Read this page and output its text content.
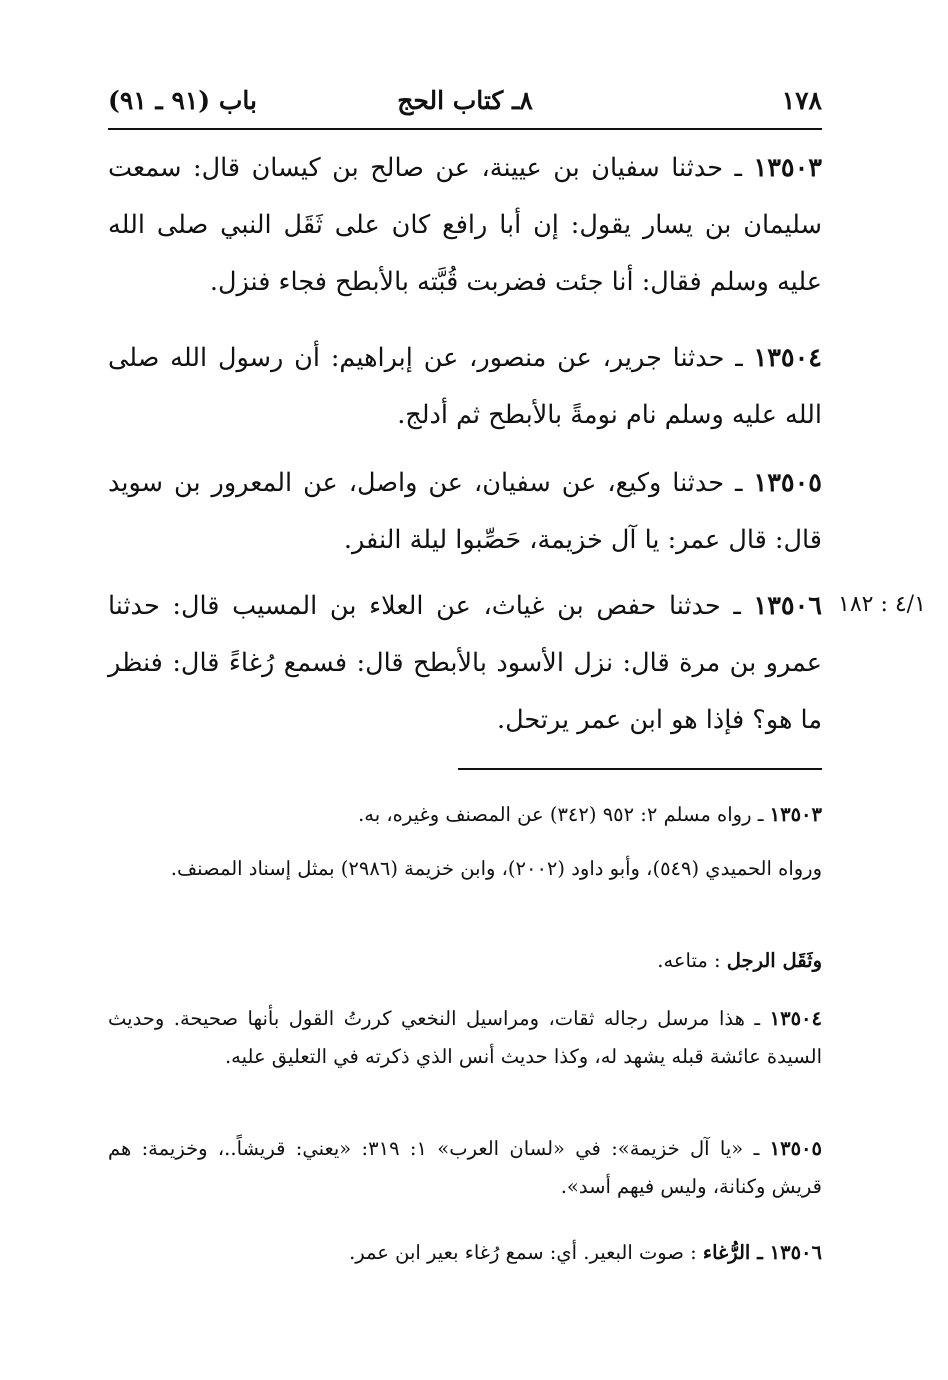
١٧٨
٨ـ كتاب الحج
باب (٩١ ـ ٩١)

١٣٥٠٣ ـ حدثنا سفيان بن عيينة، عن صالح بن كيسان قال: سمعت سليمان بن يسار يقول: إن أبا رافع كان على ثَقَل النبي صلى الله عليه وسلم فقال: أنا جئت فضربت قُبَّته بالأبطح فجاء فنزل.

١٣٥٠٤ ـ حدثنا جرير، عن منصور، عن إبراهيم: أن رسول الله صلى الله عليه وسلم نام نومةً بالأبطح ثم أدلج.

١٣٥٠٥ ـ حدثنا وكيع، عن سفيان، عن واصل، عن المعرور بن سويد قال: قال عمر: يا آل خزيمة، حَصِّبوا ليلة النفر.

١٣٥٠٦ ـ حدثنا حفص بن غياث، عن العلاء بن المسيب قال: حدثنا عمرو بن مرة قال: نزل الأسود بالأبطح قال: فسمع رُغاءً قال: فنظر ما هو؟ فإذا هو ابن عمر يرتحل.

٤/١ : ١٨٢

١٣٥٠٣ ـ رواه مسلم ٢: ٩٥٢ (٣٤٢) عن المصنف وغيره، به.

ورواه الحميدي (٥٤٩)، وأبو داود (٢٠٠٢)، وابن خزيمة (٢٩٨٦) بمثل إسناد المصنف.

وثَقَل الرجل : متاعه.

١٣٥٠٤ ـ هذا مرسل رجاله ثقات، ومراسيل النخعي كررتُ القول بأنها صحيحة. وحديث السيدة عائشة قبله يشهد له، وكذا حديث أنس الذي ذكرته في التعليق عليه.

١٣٥٠٥ ـ «يا آل خزيمة»: في «لسان العرب» ١: ٣١٩: «يعني: قريشاً..، وخزيمة: هم قريش وكنانة، وليس فيهم أسد».

١٣٥٠٦ ـ الرُّغاء : صوت البعير. أي: سمع رُغاء بعير ابن عمر.
